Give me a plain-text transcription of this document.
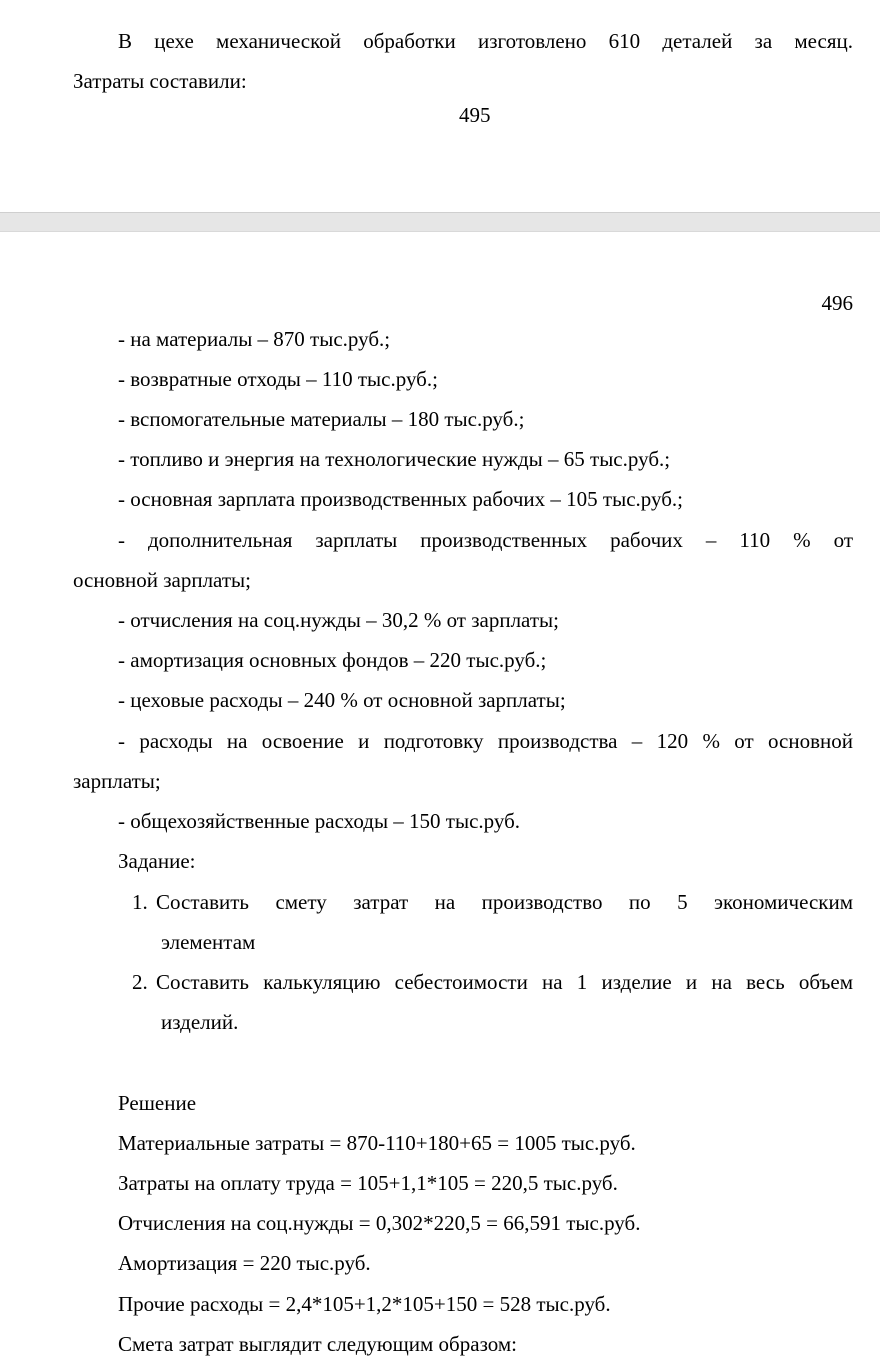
В цехе механической обработки изготовлено 610 деталей за месяц.
Затраты составили:
495
496
- на материалы – 870 тыс.руб.;
- возвратные отходы – 110 тыс.руб.;
- вспомогательные материалы – 180 тыс.руб.;
- топливо и энергия на технологические нужды – 65 тыс.руб.;
- основная зарплата производственных рабочих – 105 тыс.руб.;
- дополнительная зарплаты производственных рабочих – 110 % от
основной зарплаты;
- отчисления на соц.нужды – 30,2 % от зарплаты;
- амортизация основных фондов – 220 тыс.руб.;
- цеховые расходы – 240 % от основной зарплаты;
- расходы на освоение и подготовку производства – 120 % от основной
зарплаты;
- общехозяйственные расходы – 150 тыс.руб.
Задание:
1. Составить смету затрат на производство по 5 экономическим
элементам
2. Составить калькуляцию себестоимости на 1 изделие и на весь объем
изделий.
Решение
Материальные затраты = 870-110+180+65 = 1005 тыс.руб.
Затраты на оплату труда = 105+1,1*105 = 220,5 тыс.руб.
Отчисления на соц.нужды = 0,302*220,5 = 66,591 тыс.руб.
Амортизация = 220 тыс.руб.
Прочие расходы = 2,4*105+1,2*105+150 = 528 тыс.руб.
Смета затрат выглядит следующим образом:
